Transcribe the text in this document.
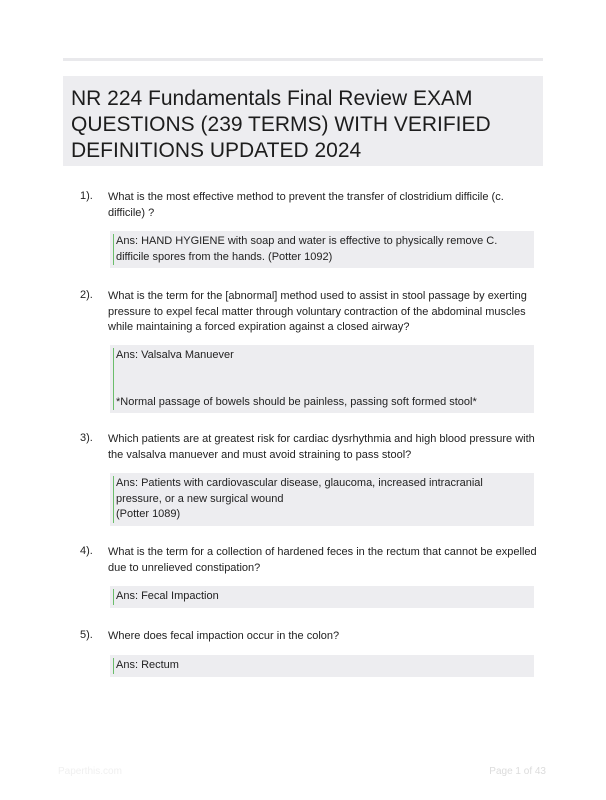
NR 224 Fundamentals Final Review EXAM QUESTIONS (239 TERMS) WITH VERIFIED DEFINITIONS UPDATED 2024
1). What is the most effective method to prevent the transfer of clostridium difficile (c. difficile) ?
Ans: HAND HYGIENE with soap and water is effective to physically remove C. difficile spores from the hands. (Potter 1092)
2). What is the term for the [abnormal] method used to assist in stool passage by exerting pressure to expel fecal matter through voluntary contraction of the abdominal muscles while maintaining a forced expiration against a closed airway?
Ans: Valsalva Manuever
*Normal passage of bowels should be painless, passing soft formed stool*
3). Which patients are at greatest risk for cardiac dysrhythmia and high blood pressure with the valsalva manuever and must avoid straining to pass stool?
Ans: Patients with cardiovascular disease, glaucoma, increased intracranial pressure, or a new surgical wound
(Potter 1089)
4). What is the term for a collection of hardened feces in the rectum that cannot be expelled due to unrelieved constipation?
Ans: Fecal Impaction
5). Where does fecal impaction occur in the colon?
Ans: Rectum
Paperthis.com	Page 1 of 43
